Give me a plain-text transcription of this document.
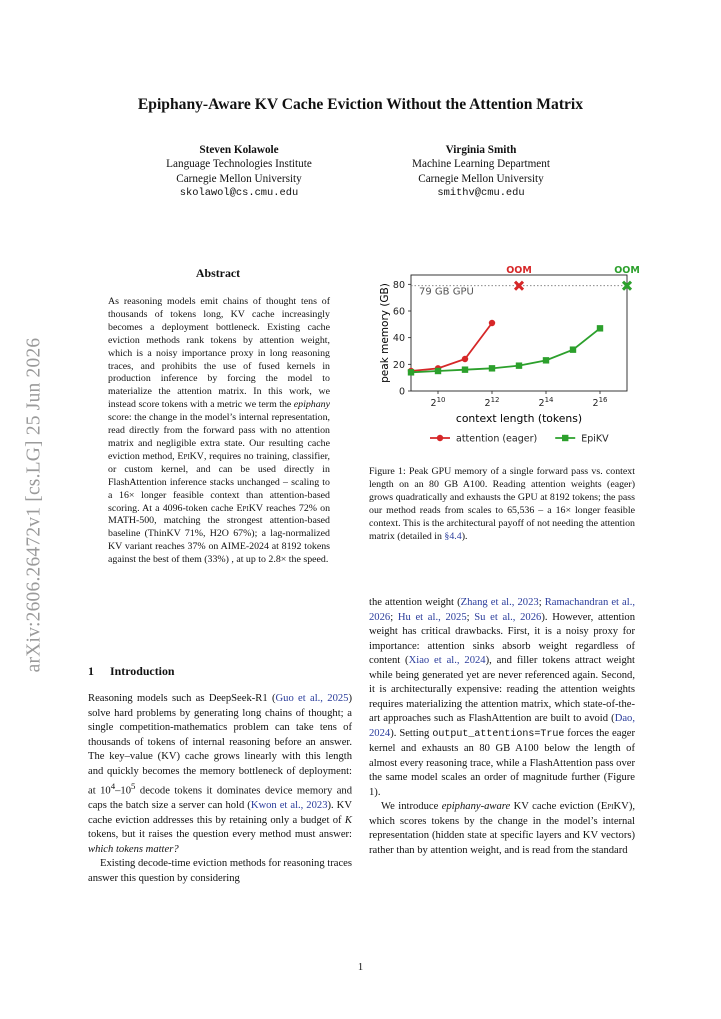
Epiphany-Aware KV Cache Eviction Without the Attention Matrix
Steven Kolawole
Language Technologies Institute
Carnegie Mellon University
skolawol@cs.cmu.edu
Virginia Smith
Machine Learning Department
Carnegie Mellon University
smithv@cmu.edu
arXiv:2606.26472v1 [cs.LG] 25 Jun 2026
Abstract
As reasoning models emit chains of thought tens of thousands of tokens long, KV cache increasingly becomes a deployment bottleneck. Existing cache eviction methods rank tokens by attention weight, which is a noisy importance proxy in long reasoning traces, and prohibits the use of fused kernels in production inference by forcing the model to materialize the attention matrix. In this work, we instead score tokens with a metric we term the epiphany score: the change in the model’s internal representation, read directly from the forward pass with no attention matrix and negligible extra state. Our resulting cache eviction method, EpiKV, requires no training, classifier, or custom kernel, and can be used directly in FlashAttention inference stacks unchanged – scaling to a 16× longer feasible context than attention-based scoring. At a 4096-token cache EpiKV reaches 72% on MATH-500, matching the strongest attention-based baseline (ThinKV 71%, H2O 67%); a lag-normalized KV variant reaches 37% on AIME-2024 at 8192 tokens against the best of them (33%) , at up to 2.8× the speed.
1 Introduction

Reasoning models such as DeepSeek-R1 (Guo et al., 2025) solve hard problems by generating long chains of thought; a single competition-mathematics problem can take tens of thousands of tokens of internal reasoning before an answer. The key–value (KV) cache grows linearly with this length and quickly becomes the memory bottleneck of deployment: at $10^4-10^5$ decode tokens it dominates device memory and caps the batch size a server can hold (Kwon et al., 2023). KV cache eviction addresses this by retaining only a budget of K tokens, but it raises the question every method must answer: which tokens matter?

Existing decode-time eviction methods for reasoning traces answer this question by considering

0
20
40
60
80
$2^{10}$	$2^{12}$	$2^{14}$	$2^{16}$
79 GB GPU
OOM	OOM
peak memory (GB)
context length (tokens)
attention (eager)	EpiKV
Figure 1: Peak GPU memory of a single forward pass vs. context length on an 80 GB A100. Reading attention weights (eager) grows quadratically and exhausts the GPU at 8192 tokens; the pass our method reads from scales to 65,536 – a 16× longer feasible context. This is the architectural payoff of not needing the attention matrix (detailed in §4.4).

the attention weight (Zhang et al., 2023; Ramachandran et al., 2026; Hu et al., 2025; Su et al., 2026). However, attention weight has critical drawbacks. First, it is a noisy proxy for importance: attention sinks absorb weight regardless of content (Xiao et al., 2024), and filler tokens attract weight while being generated yet are never referenced again. Second, it is architecturally expensive: reading the attention weights requires materializing the attention matrix, which state-of-the-art approaches such as FlashAttention are built to avoid (Dao, 2024). Setting output_attentions=True forces the eager kernel and exhausts an 80 GB A100 below the length of almost every reasoning trace, while a FlashAttention pass over the same model scales an order of magnitude further (Figure 1).

We introduce epiphany-aware KV cache eviction (EpiKV), which scores tokens by the change in the model’s internal representation (hidden state at specific layers and KV vectors) rather than by attention weight, and is read from the standard

1
